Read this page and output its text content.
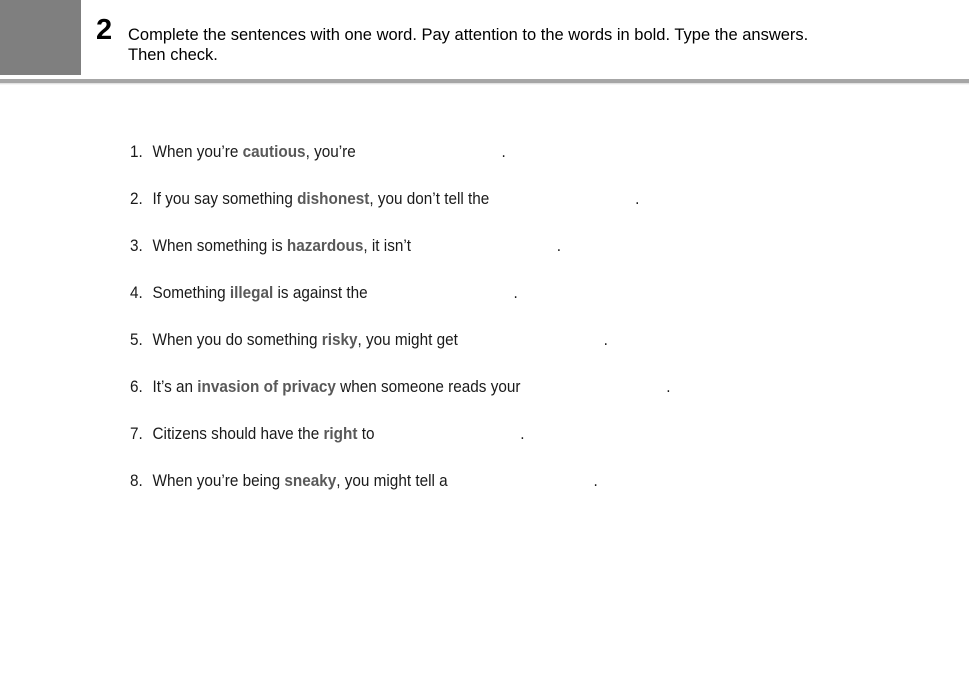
2 Complete the sentences with one word. Pay attention to the words in bold. Type the answers.
Then check.
1. When you’re cautious, you’re	.
2. If you say something dishonest, you don’t tell the	.
3. When something is hazardous, it isn’t	.
4. Something illegal is against the	.
5. When you do something risky, you might get	.
6. It’s an invasion of privacy when someone reads your	.
7. Citizens should have the right to	.
8. When you’re being sneaky, you might tell a	.
